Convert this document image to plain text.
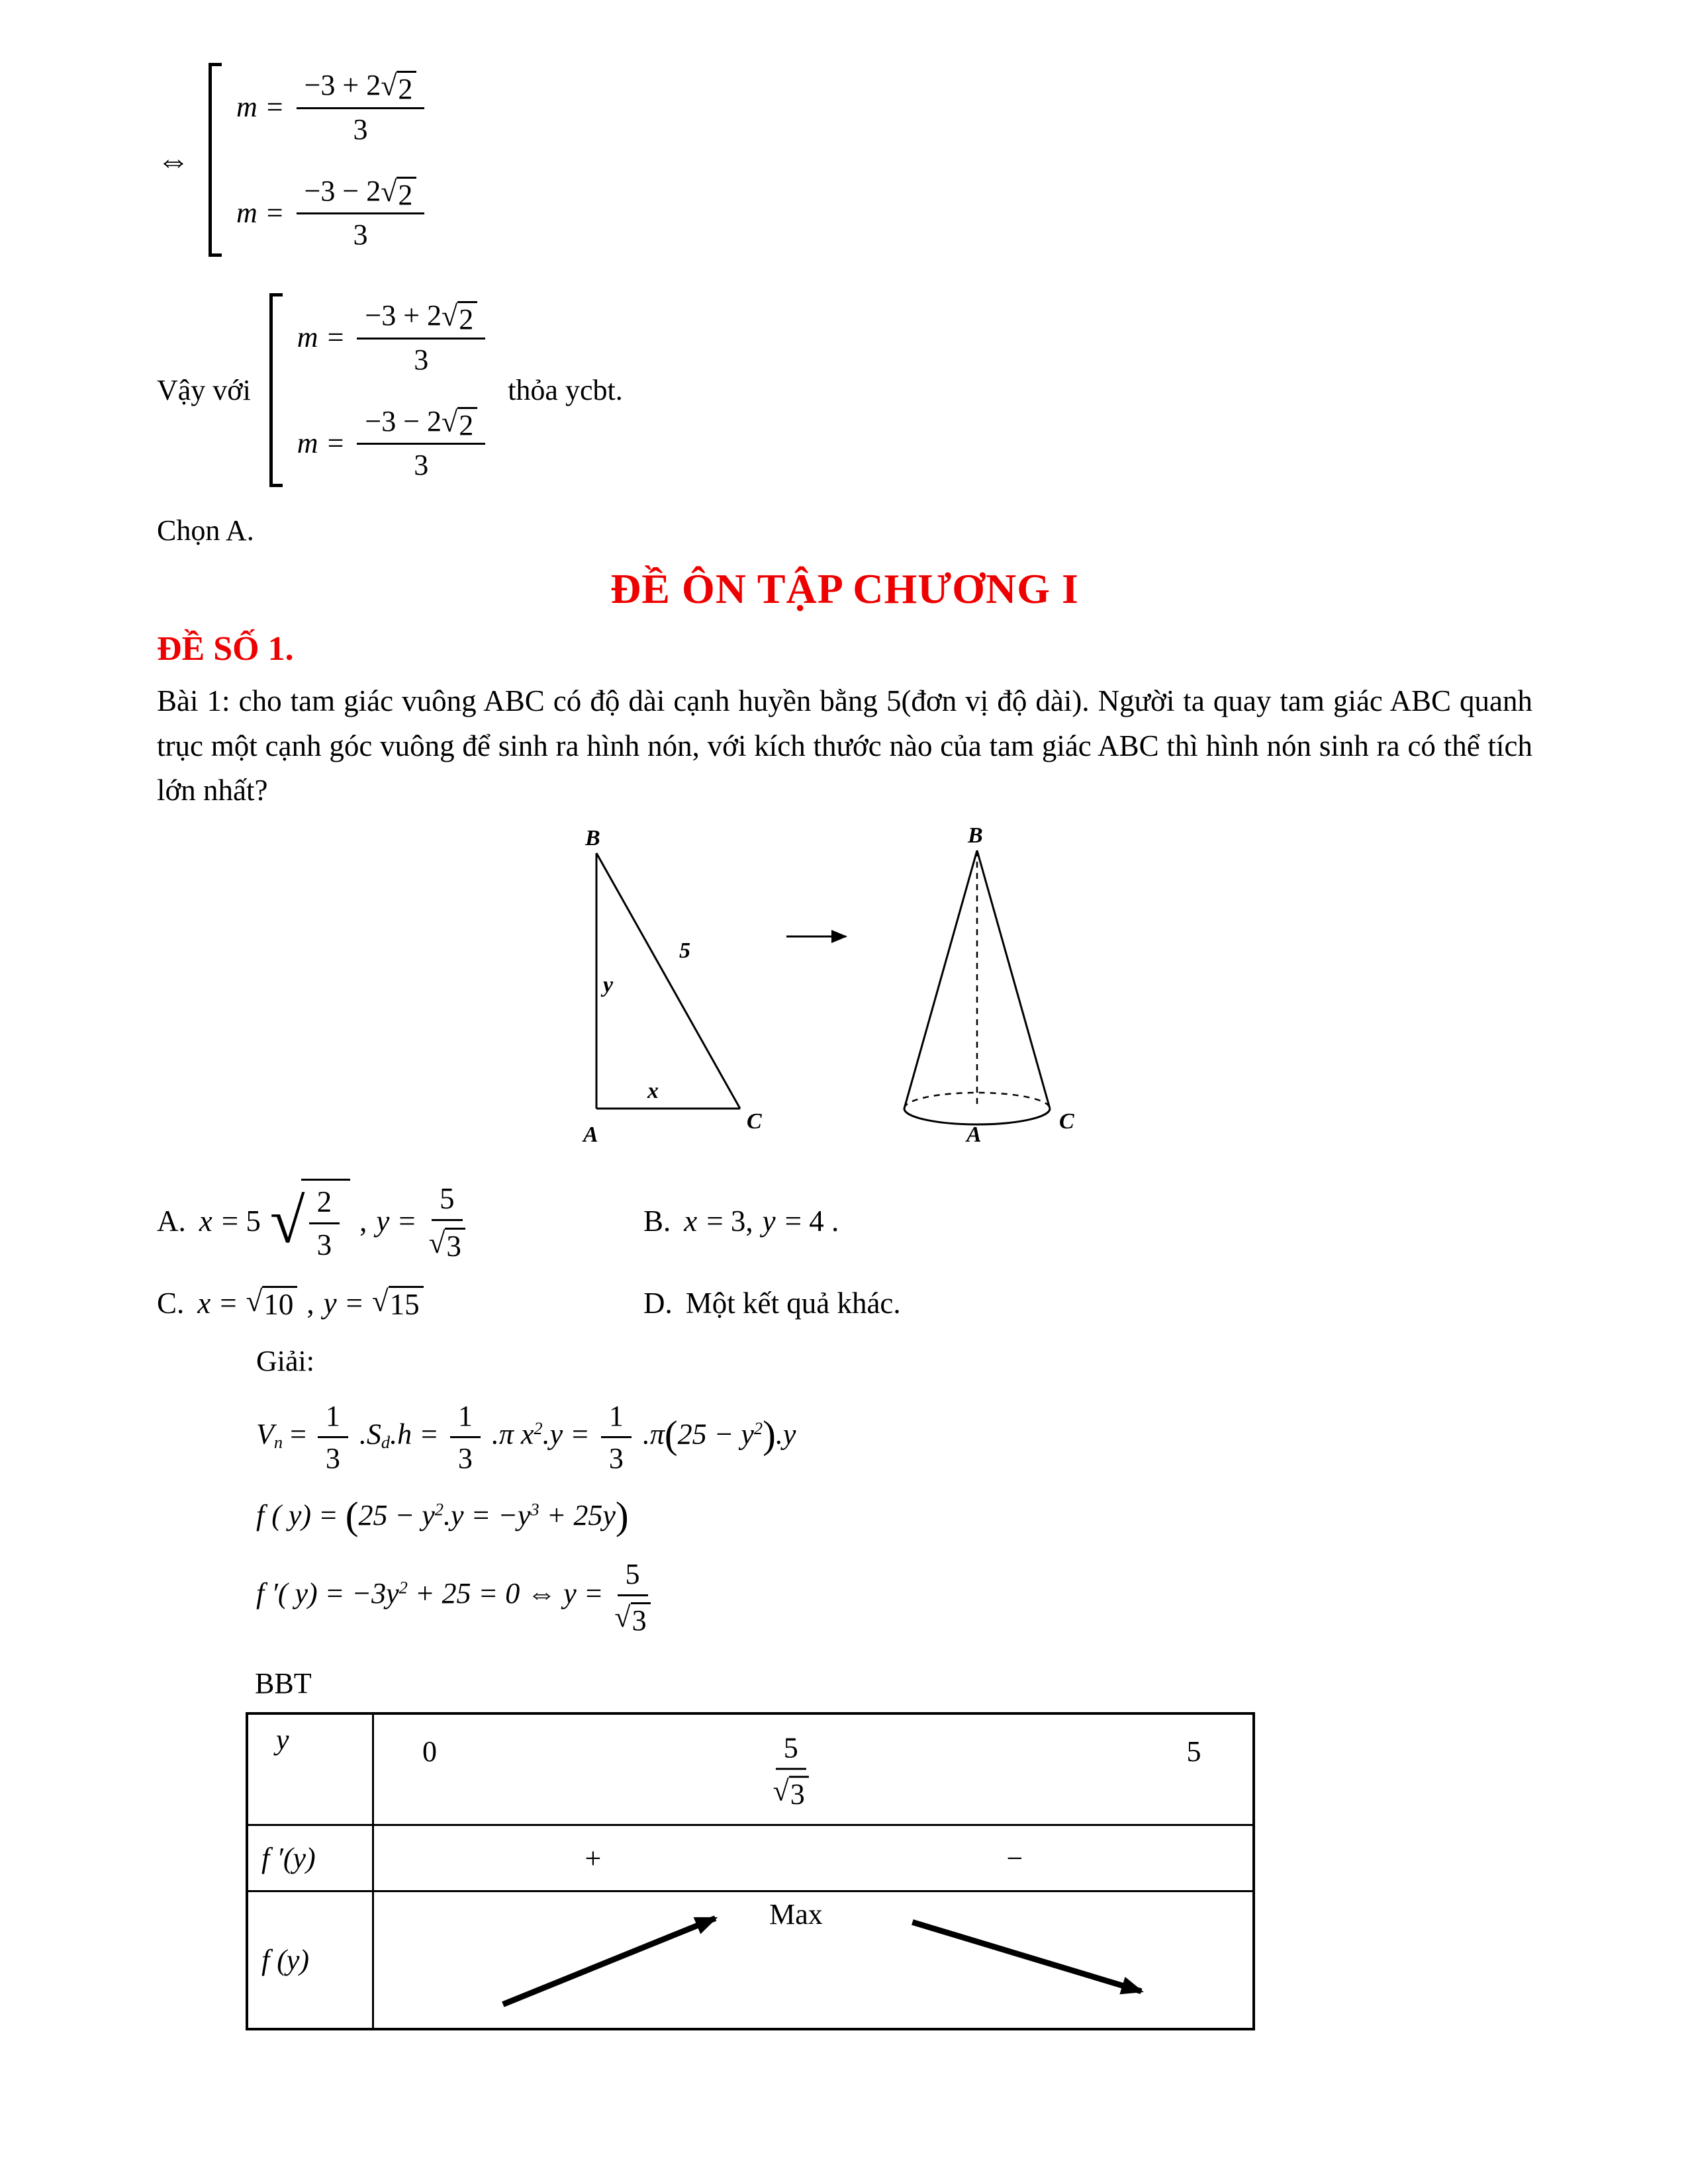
⇔
$m = \frac{-3 + 2 √ 2}{3}$
$m = \frac{-3 - 2 √ 2}{3}$
Vậy với
$m = \frac{-3 + 2 √ 2}{3}$
$m = \frac{-3 - 2 √ 2}{3}$
thỏa ycbt.
Chọn A.
ĐỀ ÔN TẬP CHƯƠNG I
ĐỀ SỐ 1.
Bài 1: cho tam giác vuông ABC có độ dài cạnh huyền bằng 5(đơn vị độ dài). Người ta quay tam giác ABC quanh trục một cạnh góc vuông để sinh ra hình nón, với kích thước nào của tam giác ABC thì hình nón sinh ra có thể tích lớn nhất?
B
y
5
x
A
C
B
A
C
A. x = 5 √ $\frac{2}{3}$ , $y = \frac{5}{√ 3}$	B. x = 3, y = 4 .
C. x = √ 10 , y = √ 15	D. Một kết quả khác.
Giải:
$V_n = \frac{1}{3} .S_d.h = \frac{1}{3} .\pi$ $x^2.y = \frac{1}{3} .\pi(25 - y^2).y$
f ( $y) = (25 - y^2.y = -y^3 + 25y)$
f ′( $y) = -3y^2 + 25 = 0$ ⇔ $y = \frac{5}{√ 3}$
BBT
y	0	$\frac{5}{√ 3}$	5
f ′(y)	+	−
f (y)
Max
